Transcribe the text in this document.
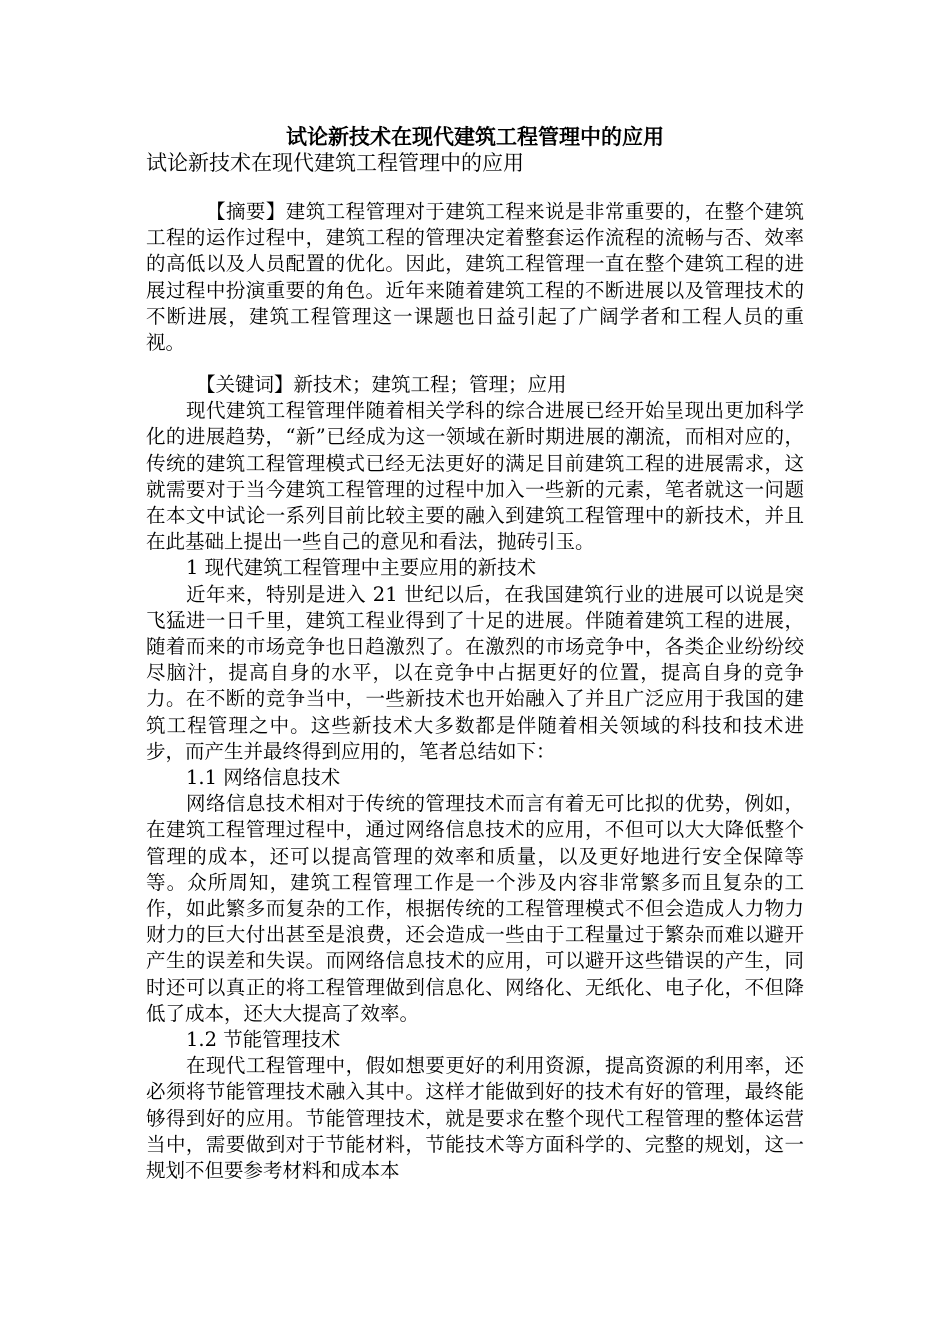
试论新技术在现代建筑工程管理中的应用
试论新技术在现代建筑工程管理中的应用

【摘要】建筑工程管理对于建筑工程来说是非常重要的，在整个建筑工程的运作过程中，建筑工程的管理决定着整套运作流程的流畅与否、效率的高低以及人员配置的优化。因此，建筑工程管理一直在整个建筑工程的进展过程中扮演重要的角色。近年来随着建筑工程的不断进展以及管理技术的不断进展，建筑工程管理这一课题也日益引起了广阔学者和工程人员的重视。

【关键词】新技术；建筑工程；管理；应用

现代建筑工程管理伴随着相关学科的综合进展已经开始呈现出更加科学化的进展趋势，“新”已经成为这一领域在新时期进展的潮流，而相对应的，传统的建筑工程管理模式已经无法更好的满足目前建筑工程的进展需求，这就需要对于当今建筑工程管理的过程中加入一些新的元素，笔者就这一问题在本文中试论一系列目前比较主要的融入到建筑工程管理中的新技术，并且在此基础上提出一些自己的意见和看法，抛砖引玉。

1 现代建筑工程管理中主要应用的新技术

近年来，特别是进入 21 世纪以后，在我国建筑行业的进展可以说是突飞猛进一日千里，建筑工程业得到了十足的进展。伴随着建筑工程的进展，随着而来的市场竞争也日趋激烈了。在激烈的市场竞争中，各类企业纷纷绞尽脑汁，提高自身的水平，以在竞争中占据更好的位置，提高自身的竞争力。在不断的竞争当中，一些新技术也开始融入了并且广泛应用于我国的建筑工程管理之中。这些新技术大多数都是伴随着相关领域的科技和技术进步，而产生并最终得到应用的，笔者总结如下：

1.1 网络信息技术

网络信息技术相对于传统的管理技术而言有着无可比拟的优势，例如，在建筑工程管理过程中，通过网络信息技术的应用，不但可以大大降低整个管理的成本，还可以提高管理的效率和质量，以及更好地进行安全保障等等。众所周知，建筑工程管理工作是一个涉及内容非常繁多而且复杂的工作，如此繁多而复杂的工作，根据传统的工程管理模式不但会造成人力物力财力的巨大付出甚至是浪费，还会造成一些由于工程量过于繁杂而难以避开产生的误差和失误。而网络信息技术的应用，可以避开这些错误的产生，同时还可以真正的将工程管理做到信息化、网络化、无纸化、电子化，不但降低了成本，还大大提高了效率。

1.2 节能管理技术

在现代工程管理中，假如想要更好的利用资源，提高资源的利用率，还必须将节能管理技术融入其中。这样才能做到好的技术有好的管理，最终能够得到好的应用。节能管理技术，就是要求在整个现代工程管理的整体运营当中，需要做到对于节能材料，节能技术等方面科学的、完整的规划，这一规划不但要参考材料和成本本
